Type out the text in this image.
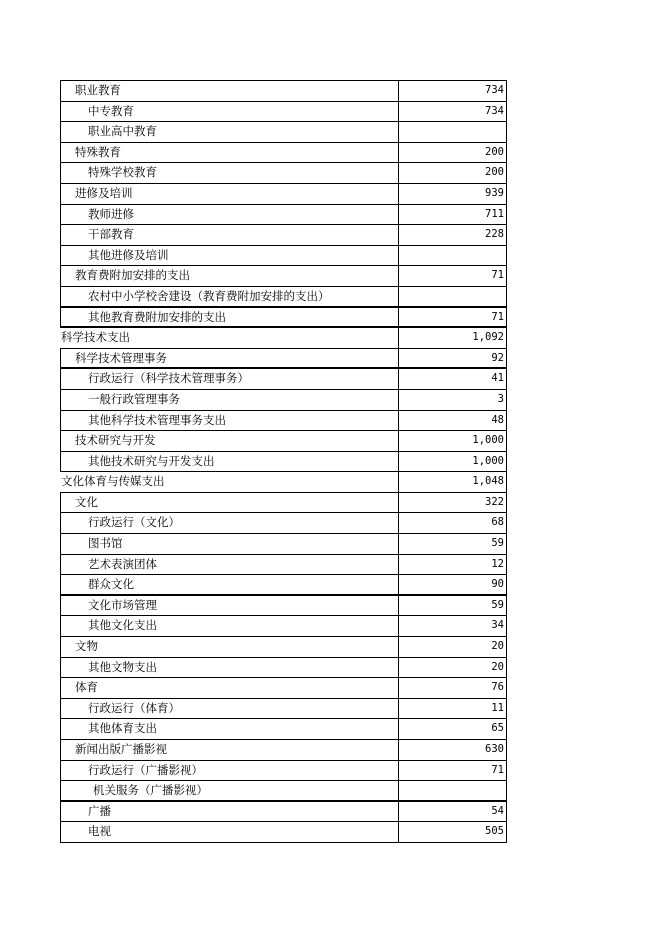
职业教育	734
中专教育	734
职业高中教育
特殊教育	200
特殊学校教育	200
进修及培训	939
教师进修	711
干部教育	228
其他进修及培训
教育费附加安排的支出	71
农村中小学校舍建设（教育费附加安排的支出）
其他教育费附加安排的支出	71
科学技术支出	1,092
科学技术管理事务	92
行政运行（科学技术管理事务）	41
一般行政管理事务	3
其他科学技术管理事务支出	48
技术研究与开发	1,000
其他技术研究与开发支出	1,000
文化体育与传媒支出	1,048
文化	322
行政运行（文化）	68
图书馆	59
艺术表演团体	12
群众文化	90
文化市场管理	59
其他文化支出	34
文物	20
其他文物支出	20
体育	76
行政运行（体育）	11
其他体育支出	65
新闻出版广播影视	630
行政运行（广播影视）	71
机关服务（广播影视）
广播	54
电视	505
